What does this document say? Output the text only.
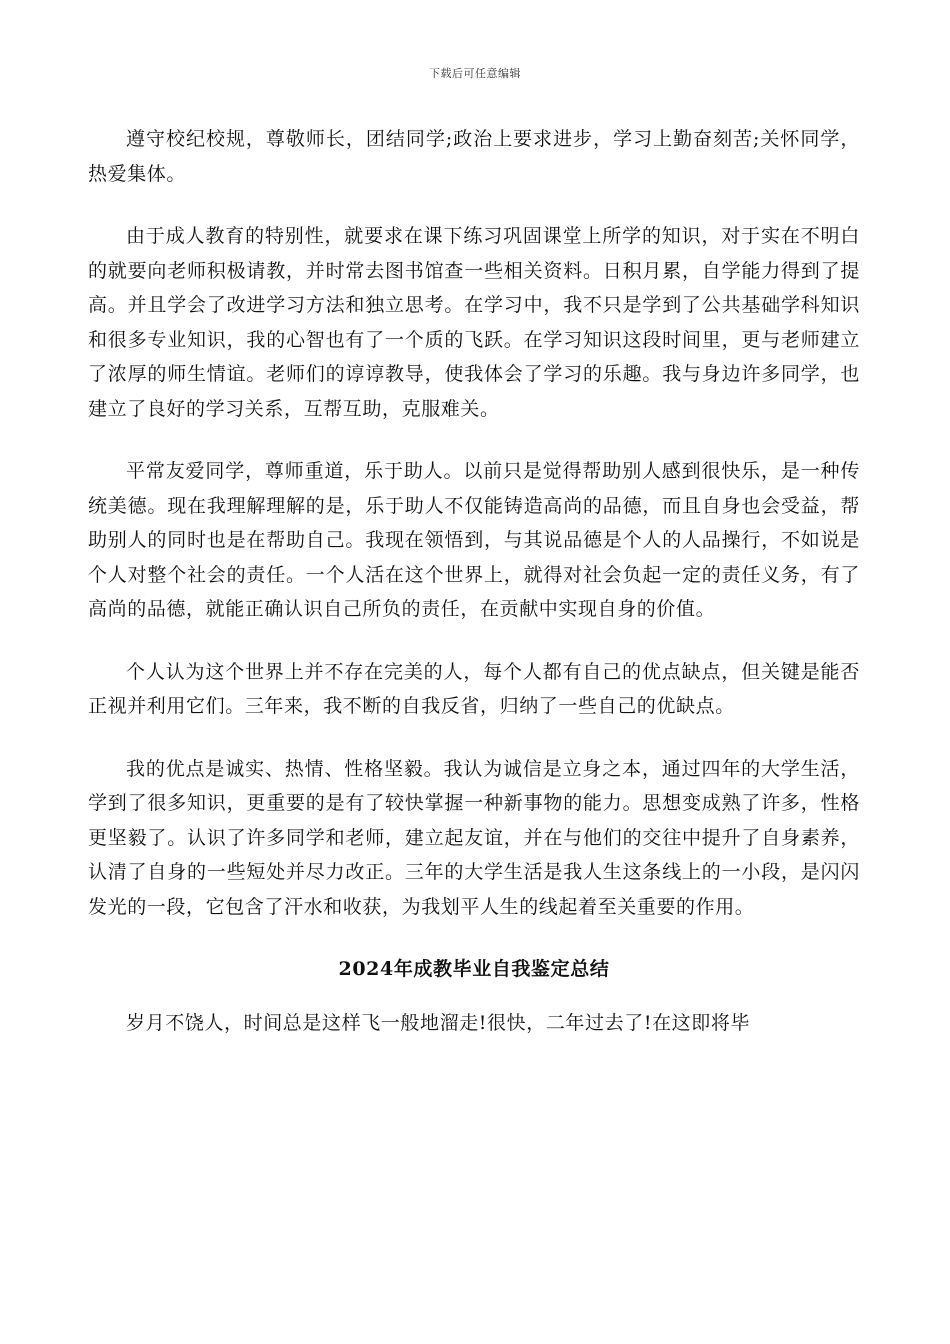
下载后可任意编辑

遵守校纪校规，尊敬师长，团结同学;政治上要求进步，学习上勤奋刻苦;关怀同学，热爱集体。

由于成人教育的特别性，就要求在课下练习巩固课堂上所学的知识，对于实在不明白的就要向老师积极请教，并时常去图书馆查一些相关资料。日积月累，自学能力得到了提高。并且学会了改进学习方法和独立思考。在学习中，我不只是学到了公共基础学科知识和很多专业知识，我的心智也有了一个质的飞跃。在学习知识这段时间里，更与老师建立了浓厚的师生情谊。老师们的谆谆教导，使我体会了学习的乐趣。我与身边许多同学，也建立了良好的学习关系，互帮互助，克服难关。

平常友爱同学，尊师重道，乐于助人。以前只是觉得帮助别人感到很快乐，是一种传统美德。现在我理解理解的是，乐于助人不仅能铸造高尚的品德，而且自身也会受益，帮助别人的同时也是在帮助自己。我现在领悟到，与其说品德是个人的人品操行，不如说是个人对整个社会的责任。一个人活在这个世界上，就得对社会负起一定的责任义务，有了高尚的品德，就能正确认识自己所负的责任，在贡献中实现自身的价值。

个人认为这个世界上并不存在完美的人，每个人都有自己的优点缺点，但关键是能否正视并利用它们。三年来，我不断的自我反省，归纳了一些自己的优缺点。

我的优点是诚实、热情、性格坚毅。我认为诚信是立身之本，通过四年的大学生活，学到了很多知识，更重要的是有了较快掌握一种新事物的能力。思想变成熟了许多，性格更坚毅了。认识了许多同学和老师，建立起友谊，并在与他们的交往中提升了自身素养，认清了自身的一些短处并尽力改正。三年的大学生活是我人生这条线上的一小段，是闪闪发光的一段，它包含了汗水和收获，为我划平人生的线起着至关重要的作用。

2024年成教毕业自我鉴定总结

岁月不饶人，时间总是这样飞一般地溜走!很快，二年过去了!在这即将毕
